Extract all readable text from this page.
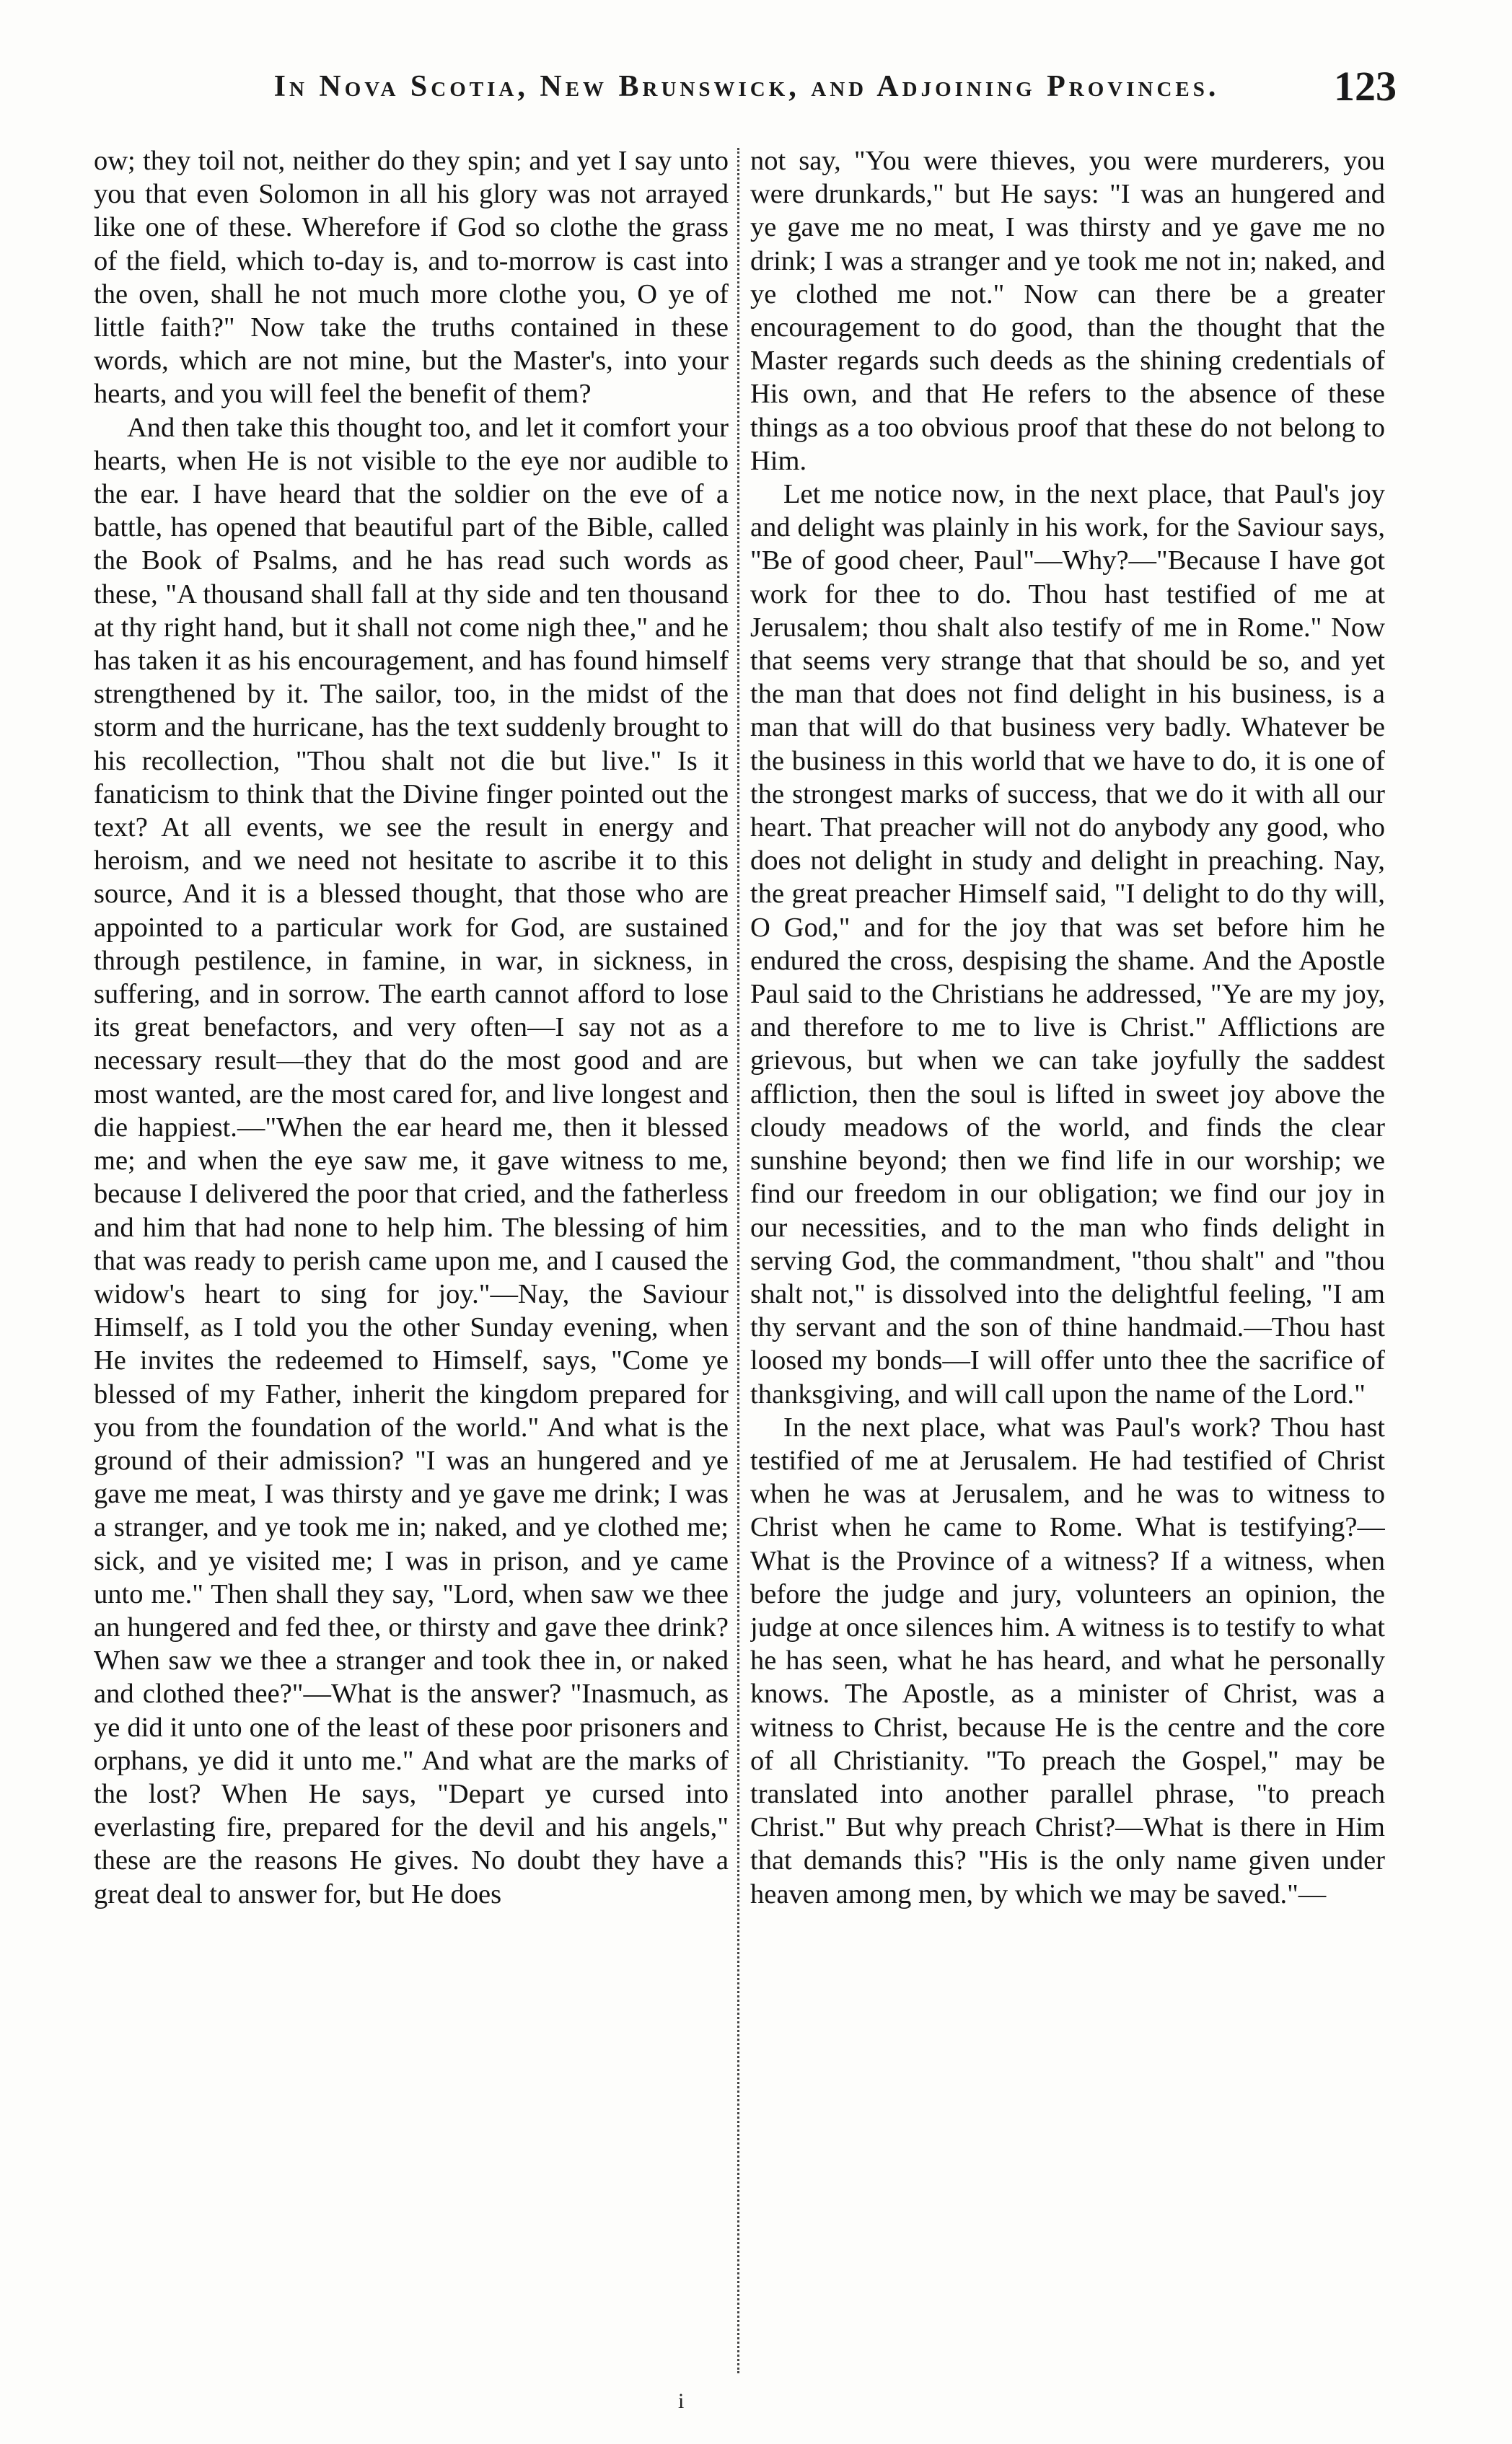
In Nova Scotia, New Brunswick, and Adjoining Provinces.	123

ow; they toil not, neither do they spin; and yet I say unto you that even Solomon in all his glory was not arrayed like one of these. Wherefore if God so clothe the grass of the field, which to-day is, and to-morrow is cast into the oven, shall he not much more clothe you, O ye of little faith?" Now take the truths contained in these words, which are not mine, but the Master's, into your hearts, and you will feel the benefit of them?

And then take this thought too, and let it comfort your hearts, when He is not visible to the eye nor audible to the ear. I have heard that the soldier on the eve of a battle, has opened that beautiful part of the Bible, called the Book of Psalms, and he has read such words as these, "A thousand shall fall at thy side and ten thousand at thy right hand, but it shall not come nigh thee," and he has taken it as his encouragement, and has found himself strengthened by it. The sailor, too, in the midst of the storm and the hurricane, has the text suddenly brought to his recollection, "Thou shalt not die but live." Is it fanaticism to think that the Divine finger pointed out the text? At all events, we see the result in energy and heroism, and we need not hesitate to ascribe it to this source, And it is a blessed thought, that those who are appointed to a particular work for God, are sustained through pestilence, in famine, in war, in sickness, in suffering, and in sorrow. The earth cannot afford to lose its great benefactors, and very often—I say not as a necessary result—they that do the most good and are most wanted, are the most cared for, and live longest and die happiest.—"When the ear heard me, then it blessed me; and when the eye saw me, it gave witness to me, because I delivered the poor that cried, and the fatherless and him that had none to help him. The blessing of him that was ready to perish came upon me, and I caused the widow's heart to sing for joy."—Nay, the Saviour Himself, as I told you the other Sunday evening, when He invites the redeemed to Himself, says, "Come ye blessed of my Father, inherit the kingdom prepared for you from the foundation of the world." And what is the ground of their admission? "I was an hungered and ye gave me meat, I was thirsty and ye gave me drink; I was a stranger, and ye took me in; naked, and ye clothed me; sick, and ye visited me; I was in prison, and ye came unto me." Then shall they say, "Lord, when saw we thee an hungered and fed thee, or thirsty and gave thee drink? When saw we thee a stranger and took thee in, or naked and clothed thee?"—What is the answer? "Inasmuch, as ye did it unto one of the least of these poor prisoners and orphans, ye did it unto me." And what are the marks of the lost? When He says, "Depart ye cursed into everlasting fire, prepared for the devil and his angels," these are the reasons He gives. No doubt they have a great deal to answer for, but He does

not say, "You were thieves, you were murderers, you were drunkards," but He says: "I was an hungered and ye gave me no meat, I was thirsty and ye gave me no drink; I was a stranger and ye took me not in; naked, and ye clothed me not." Now can there be a greater encouragement to do good, than the thought that the Master regards such deeds as the shining credentials of His own, and that He refers to the absence of these things as a too obvious proof that these do not belong to Him.

Let me notice now, in the next place, that Paul's joy and delight was plainly in his work, for the Saviour says, "Be of good cheer, Paul"—Why?—"Because I have got work for thee to do. Thou hast testified of me at Jerusalem; thou shalt also testify of me in Rome." Now that seems very strange that that should be so, and yet the man that does not find delight in his business, is a man that will do that business very badly. Whatever be the business in this world that we have to do, it is one of the strongest marks of success, that we do it with all our heart. That preacher will not do anybody any good, who does not delight in study and delight in preaching. Nay, the great preacher Himself said, "I delight to do thy will, O God," and for the joy that was set before him he endured the cross, despising the shame. And the Apostle Paul said to the Christians he addressed, "Ye are my joy, and therefore to me to live is Christ." Afflictions are grievous, but when we can take joyfully the saddest affliction, then the soul is lifted in sweet joy above the cloudy meadows of the world, and finds the clear sunshine beyond; then we find life in our worship; we find our freedom in our obligation; we find our joy in our necessities, and to the man who finds delight in serving God, the commandment, "thou shalt" and "thou shalt not," is dissolved into the delightful feeling, "I am thy servant and the son of thine handmaid.—Thou hast loosed my bonds—I will offer unto thee the sacrifice of thanksgiving, and will call upon the name of the Lord."

In the next place, what was Paul's work? Thou hast testified of me at Jerusalem. He had testified of Christ when he was at Jerusalem, and he was to witness to Christ when he came to Rome. What is testifying?—What is the Province of a witness? If a witness, when before the judge and jury, volunteers an opinion, the judge at once silences him. A witness is to testify to what he has seen, what he has heard, and what he personally knows. The Apostle, as a minister of Christ, was a witness to Christ, because He is the centre and the core of all Christianity. "To preach the Gospel," may be translated into another parallel phrase, "to preach Christ." But why preach Christ?—What is there in Him that demands this? "His is the only name given under heaven among men, by which we may be saved."—

i
